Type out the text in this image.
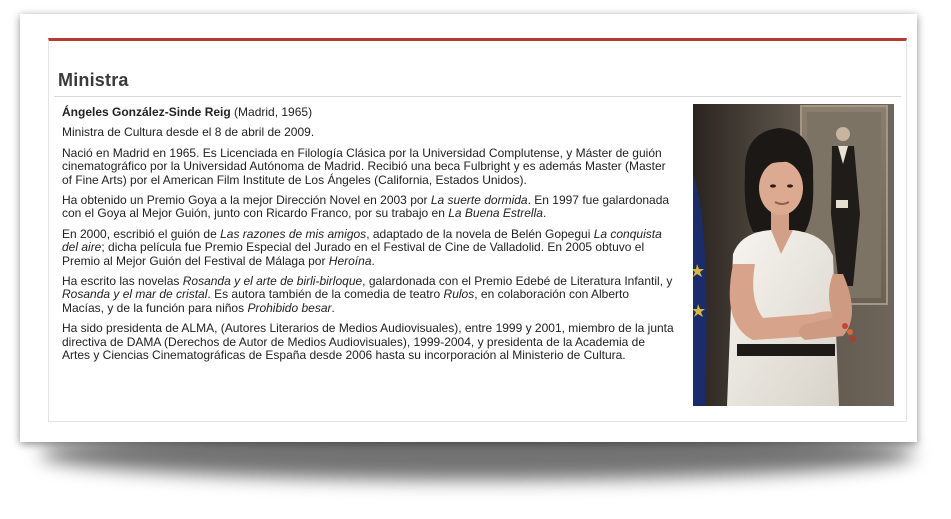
Ministra

Ángeles González-Sinde Reig (Madrid, 1965)

Ministra de Cultura desde el 8 de abril de 2009.

Nació en Madrid en 1965. Es Licenciada en Filología Clásica por la Universidad Complutense, y Máster de guión cinematográfico por la Universidad Autónoma de Madrid. Recibió una beca Fulbright y es además Master (Master of Fine Arts) por el American Film Institute de Los Ángeles (California, Estados Unidos).

Ha obtenido un Premio Goya a la mejor Dirección Novel en 2003 por La suerte dormida. En 1997 fue galardonada con el Goya al Mejor Guión, junto con Ricardo Franco, por su trabajo en La Buena Estrella.

En 2000, escribió el guión de Las razones de mis amigos, adaptado de la novela de Belén Gopegui La conquista del aire; dicha película fue Premio Especial del Jurado en el Festival de Cine de Valladolid. En 2005 obtuvo el Premio al Mejor Guión del Festival de Málaga por Heroína.

Ha escrito las novelas Rosanda y el arte de birli-birloque, galardonada con el Premio Edebé de Literatura Infantil, y Rosanda y el mar de cristal. Es autora también de la comedia de teatro Rulos, en colaboración con Alberto Macías, y de la función para niños Prohibido besar.

Ha sido presidenta de ALMA, (Autores Literarios de Medios Audiovisuales), entre 1999 y 2001, miembro de la junta directiva de DAMA (Derechos de Autor de Medios Audiovisuales), 1999-2004, y presidenta de la Academia de Artes y Ciencias Cinematográficas de España desde 2006 hasta su incorporación al Ministerio de Cultura.
